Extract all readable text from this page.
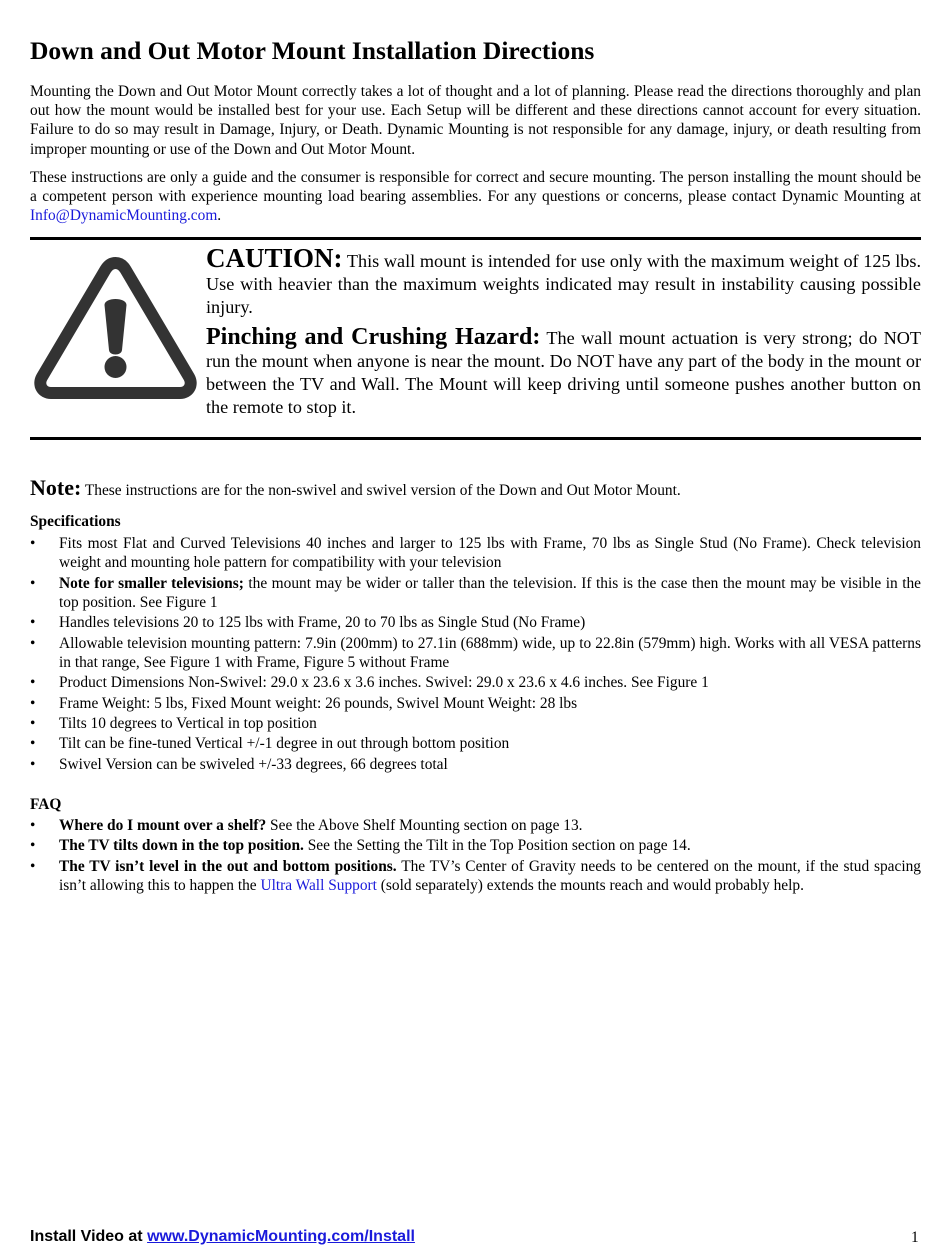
Down and Out Motor Mount Installation Directions

Mounting the Down and Out Motor Mount correctly takes a lot of thought and a lot of planning. Please read the directions thoroughly and plan out how the mount would be installed best for your use. Each Setup will be different and these directions cannot account for every situation. Failure to do so may result in Damage, Injury, or Death. Dynamic Mounting is not responsible for any damage, injury, or death resulting from improper mounting or use of the Down and Out Motor Mount.

These instructions are only a guide and the consumer is responsible for correct and secure mounting. The person installing the mount should be a competent person with experience mounting load bearing assemblies. For any questions or concerns, please contact Dynamic Mounting at Info@DynamicMounting.com.

CAUTION: This wall mount is intended for use only with the maximum weight of 125 lbs. Use with heavier than the maximum weights indicated may result in instability causing possible injury.

Pinching and Crushing Hazard: The wall mount actuation is very strong; do NOT run the mount when anyone is near the mount. Do NOT have any part of the body in the mount or between the TV and Wall. The Mount will keep driving until someone pushes another button on the remote to stop it.

Note: These instructions are for the non-swivel and swivel version of the Down and Out Motor Mount.

Specifications

• Fits most Flat and Curved Televisions 40 inches and larger to 125 lbs with Frame, 70 lbs as Single Stud (No Frame). Check television weight and mounting hole pattern for compatibility with your television
• Note for smaller televisions; the mount may be wider or taller than the television. If this is the case then the mount may be visible in the top position. See Figure 1
• Handles televisions 20 to 125 lbs with Frame, 20 to 70 lbs as Single Stud (No Frame)
• Allowable television mounting pattern: 7.9in (200mm) to 27.1in (688mm) wide, up to 22.8in (579mm) high. Works with all VESA patterns in that range, See Figure 1 with Frame, Figure 5 without Frame
• Product Dimensions Non-Swivel: 29.0 x 23.6 x 3.6 inches. Swivel: 29.0 x 23.6 x 4.6 inches. See Figure 1
• Frame Weight: 5 lbs, Fixed Mount weight: 26 pounds, Swivel Mount Weight: 28 lbs
• Tilts 10 degrees to Vertical in top position
• Tilt can be fine-tuned Vertical +/-1 degree in out through bottom position
• Swivel Version can be swiveled +/-33 degrees, 66 degrees total

FAQ

• Where do I mount over a shelf? See the Above Shelf Mounting section on page 13.
• The TV tilts down in the top position. See the Setting the Tilt in the Top Position section on page 14.
• The TV isn’t level in the out and bottom positions. The TV’s Center of Gravity needs to be centered on the mount, if the stud spacing isn’t allowing this to happen the Ultra Wall Support (sold separately) extends the mounts reach and would probably help.
Install Video at www.DynamicMounting.com/Install	1
